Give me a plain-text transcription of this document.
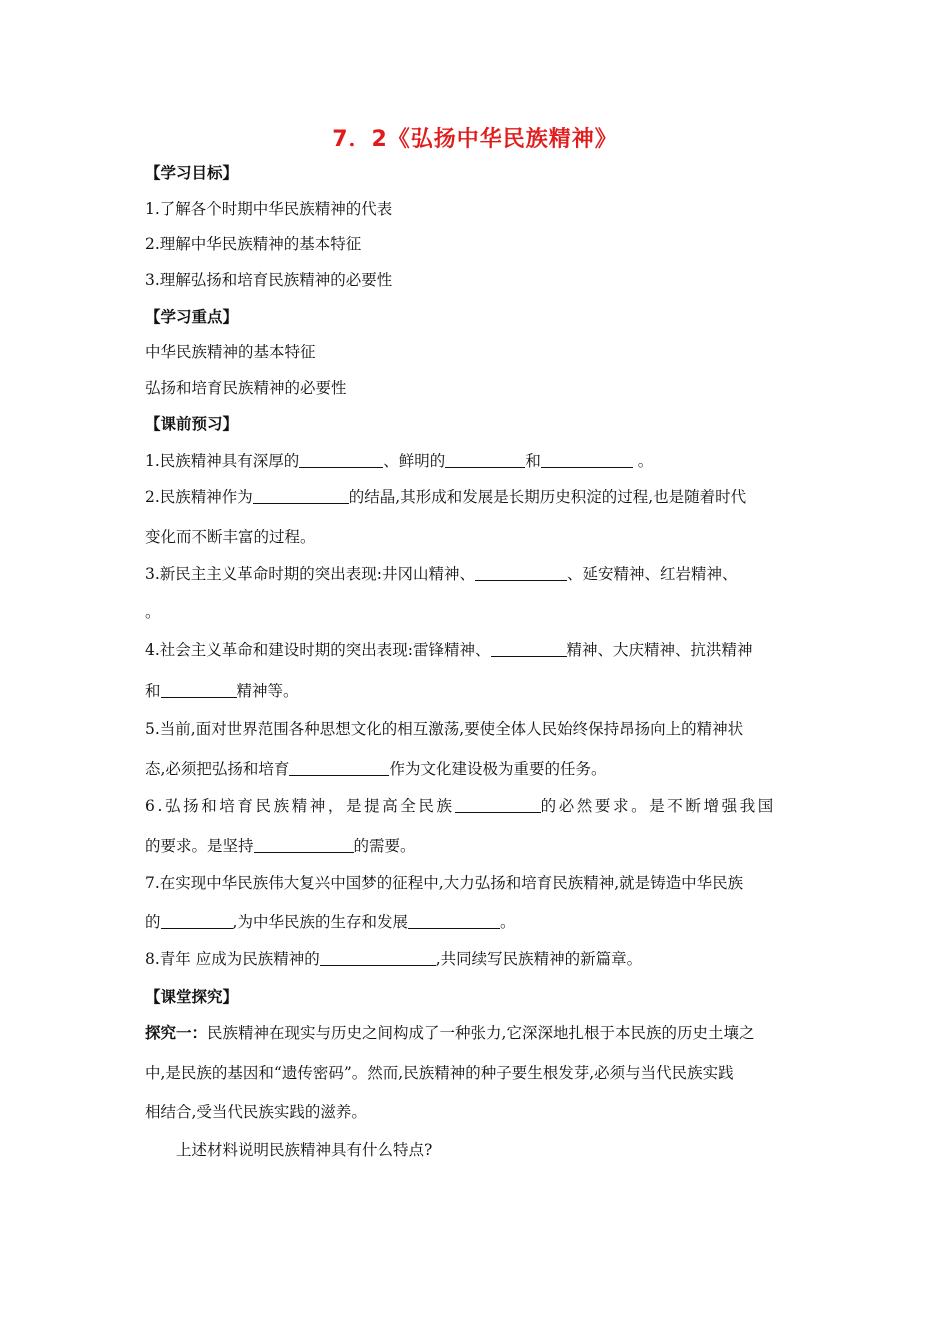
7．2《弘扬中华民族精神》
【学习目标】
1.了解各个时期中华民族精神的代表
2.理解中华民族精神的基本特征
3.理解弘扬和培育民族精神的必要性
【学习重点】
中华民族精神的基本特征
弘扬和培育民族精神的必要性
【课前预习】
1.民族精神具有深厚的	、鲜明的	和	。
2.民族精神作为	的结晶,其形成和发展是长期历史积淀的过程,也是随着时代
变化而不断丰富的过程。
3.新民主主义革命时期的突出表现:井冈山精神、	、延安精神、红岩精神、
。
4.社会主义革命和建设时期的突出表现:雷锋精神、	精神、大庆精神、抗洪精神
和	精神等。
5.当前,面对世界范围各种思想文化的相互激荡,要使全体人民始终保持昂扬向上的精神状
态,必须把弘扬和培育	作为文化建设极为重要的任务。
6.弘扬和培育民族精神，是提高全民族	的必然要求。是不断增强我国
的要求。是坚持	的需要。
7.在实现中华民族伟大复兴中国梦的征程中,大力弘扬和培育民族精神,就是铸造中华民族
的	,为中华民族的生存和发展	。
8.青年 应成为民族精神的	,共同续写民族精神的新篇章。
【课堂探究】
探究一：民族精神在现实与历史之间构成了一种张力,它深深地扎根于本民族的历史土壤之
中,是民族的基因和“遗传密码”。然而,民族精神的种子要生根发芽,必须与当代民族实践
相结合,受当代民族实践的滋养。
上述材料说明民族精神具有什么特点?
